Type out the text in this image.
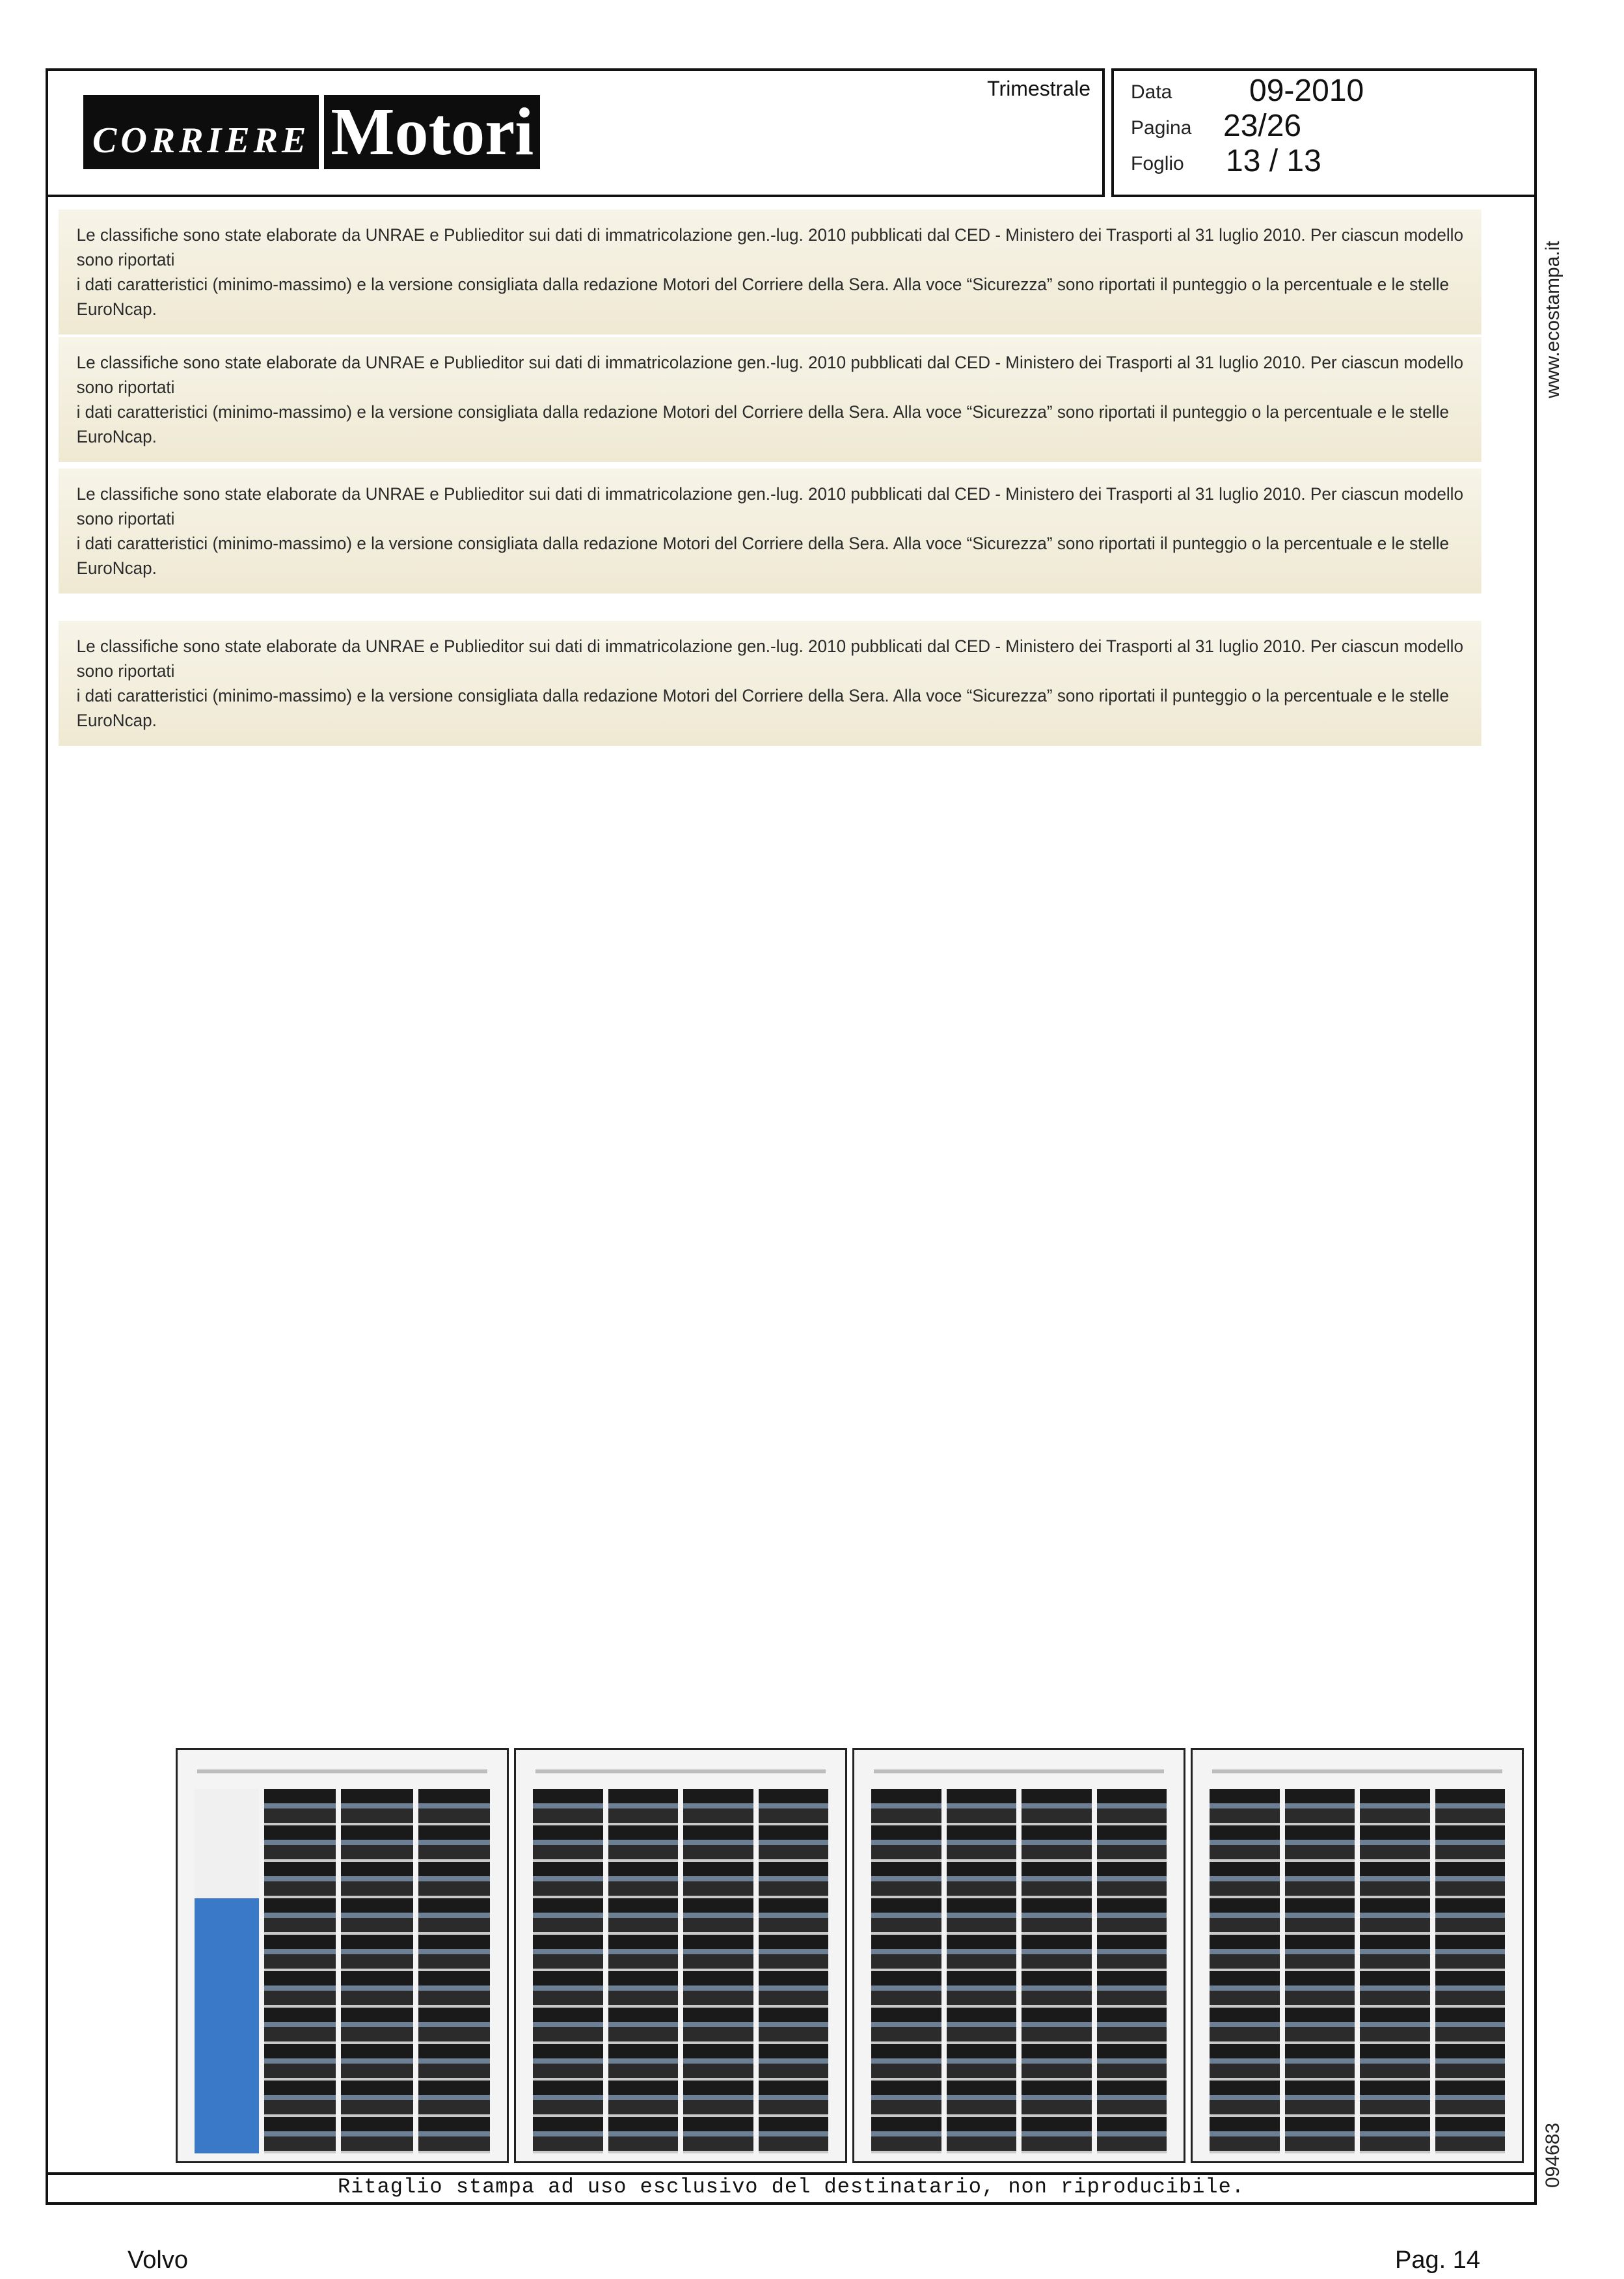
CORRIERE Motori
Trimestrale Data 09-2010
Pagina 23/26
Foglio 13 / 13
www.ecostampa.it
094683
Le classifiche sono state elaborate da UNRAE e Publieditor sui dati di immatricolazione gen.-lug. 2010 pubblicati dal CED - Ministero dei Trasporti al 31 luglio 2010. Per ciascun modello sono riportati
i dati caratteristici (minimo-massimo) e la versione consigliata dalla redazione Motori del Corriere della Sera. Alla voce “Sicurezza” sono riportati il punteggio o la percentuale e le stelle EuroNcap.
Le classifiche sono state elaborate da UNRAE e Publieditor sui dati di immatricolazione gen.-lug. 2010 pubblicati dal CED - Ministero dei Trasporti al 31 luglio 2010. Per ciascun modello sono riportati
i dati caratteristici (minimo-massimo) e la versione consigliata dalla redazione Motori del Corriere della Sera. Alla voce “Sicurezza” sono riportati il punteggio o la percentuale e le stelle EuroNcap.
Le classifiche sono state elaborate da UNRAE e Publieditor sui dati di immatricolazione gen.-lug. 2010 pubblicati dal CED - Ministero dei Trasporti al 31 luglio 2010. Per ciascun modello sono riportati
i dati caratteristici (minimo-massimo) e la versione consigliata dalla redazione Motori del Corriere della Sera. Alla voce “Sicurezza” sono riportati il punteggio o la percentuale e le stelle EuroNcap.
Le classifiche sono state elaborate da UNRAE e Publieditor sui dati di immatricolazione gen.-lug. 2010 pubblicati dal CED - Ministero dei Trasporti al 31 luglio 2010. Per ciascun modello sono riportati
i dati caratteristici (minimo-massimo) e la versione consigliata dalla redazione Motori del Corriere della Sera. Alla voce “Sicurezza” sono riportati il punteggio o la percentuale e le stelle EuroNcap.
Ritaglio stampa ad uso esclusivo del destinatario, non riproducibile.
Volvo	Pag. 14
